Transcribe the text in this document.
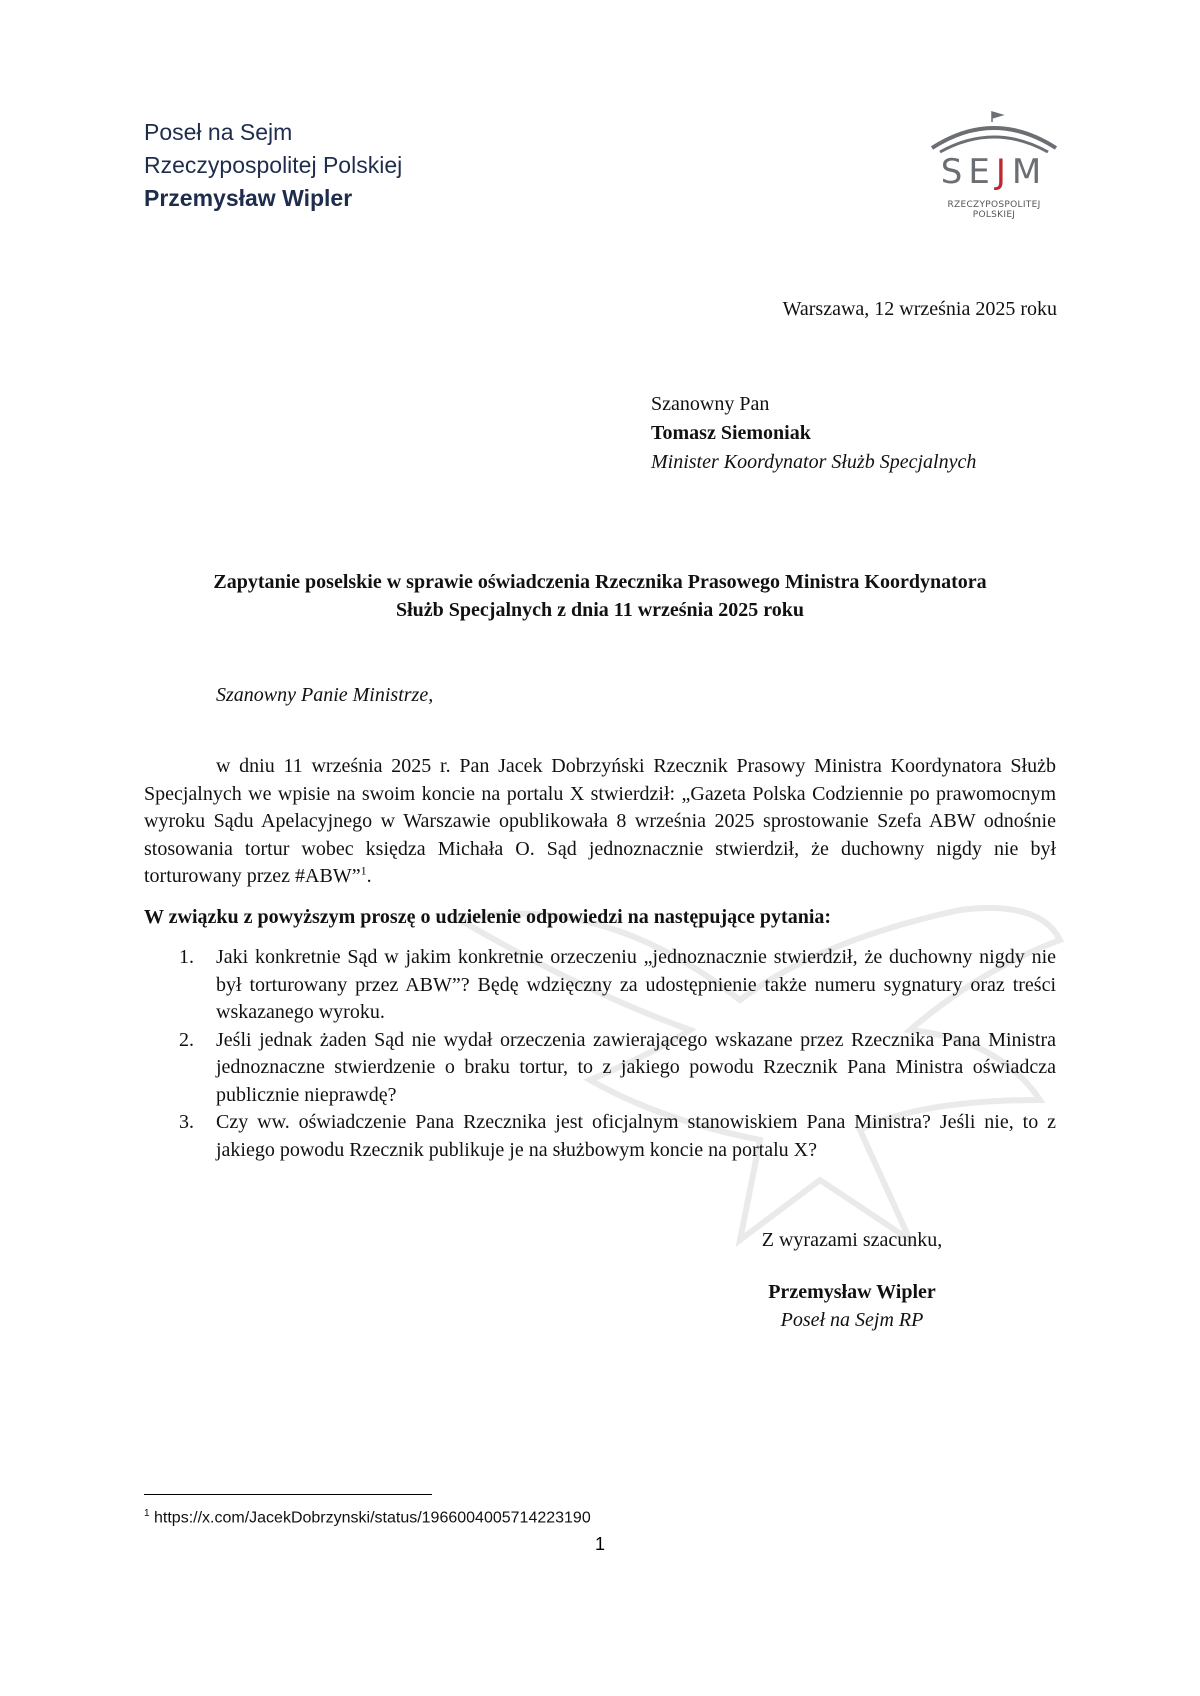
Poseł na Sejm
Rzeczypospolitej Polskiej
Przemysław Wipler
SEJM
RZECZYPOSPOLITEJ POLSKIEJ
Warszawa, 12 września 2025 roku
Szanowny Pan
Tomasz Siemoniak
Minister Koordynator Służb Specjalnych
Zapytanie poselskie w sprawie oświadczenia Rzecznika Prasowego Ministra Koordynatora
Służb Specjalnych z dnia 11 września 2025 roku
Szanowny Panie Ministrze,

w dniu 11 września 2025 r. Pan Jacek Dobrzyński Rzecznik Prasowy Ministra Koordynatora Służb Specjalnych we wpisie na swoim koncie na portalu X stwierdził: „Gazeta Polska Codziennie po prawomocnym wyroku Sądu Apelacyjnego w Warszawie opublikowała 8 września 2025 sprostowanie Szefa ABW odnośnie stosowania tortur wobec księdza Michała O. Sąd jednoznacznie stwierdził, że duchowny nigdy nie był torturowany przez #ABW”$^1$.

W związku z powyższym proszę o udzielenie odpowiedzi na następujące pytania:
1. Jaki konkretnie Sąd w jakim konkretnie orzeczeniu „jednoznacznie stwierdził, że duchowny nigdy nie był torturowany przez ABW”? Będę wdzięczny za udostępnienie także numeru sygnatury oraz treści wskazanego wyroku.
2. Jeśli jednak żaden Sąd nie wydał orzeczenia zawierającego wskazane przez Rzecznika Pana Ministra jednoznaczne stwierdzenie o braku tortur, to z jakiego powodu Rzecznik Pana Ministra oświadcza publicznie nieprawdę?
3. Czy ww. oświadczenie Pana Rzecznika jest oficjalnym stanowiskiem Pana Ministra? Jeśli nie, to z jakiego powodu Rzecznik publikuje je na służbowym koncie na portalu X?
Z wyrazami szacunku,
Przemysław Wipler
Poseł na Sejm RP
$^1$ https://x.com/JacekDobrzynski/status/1966004005714223190
1
